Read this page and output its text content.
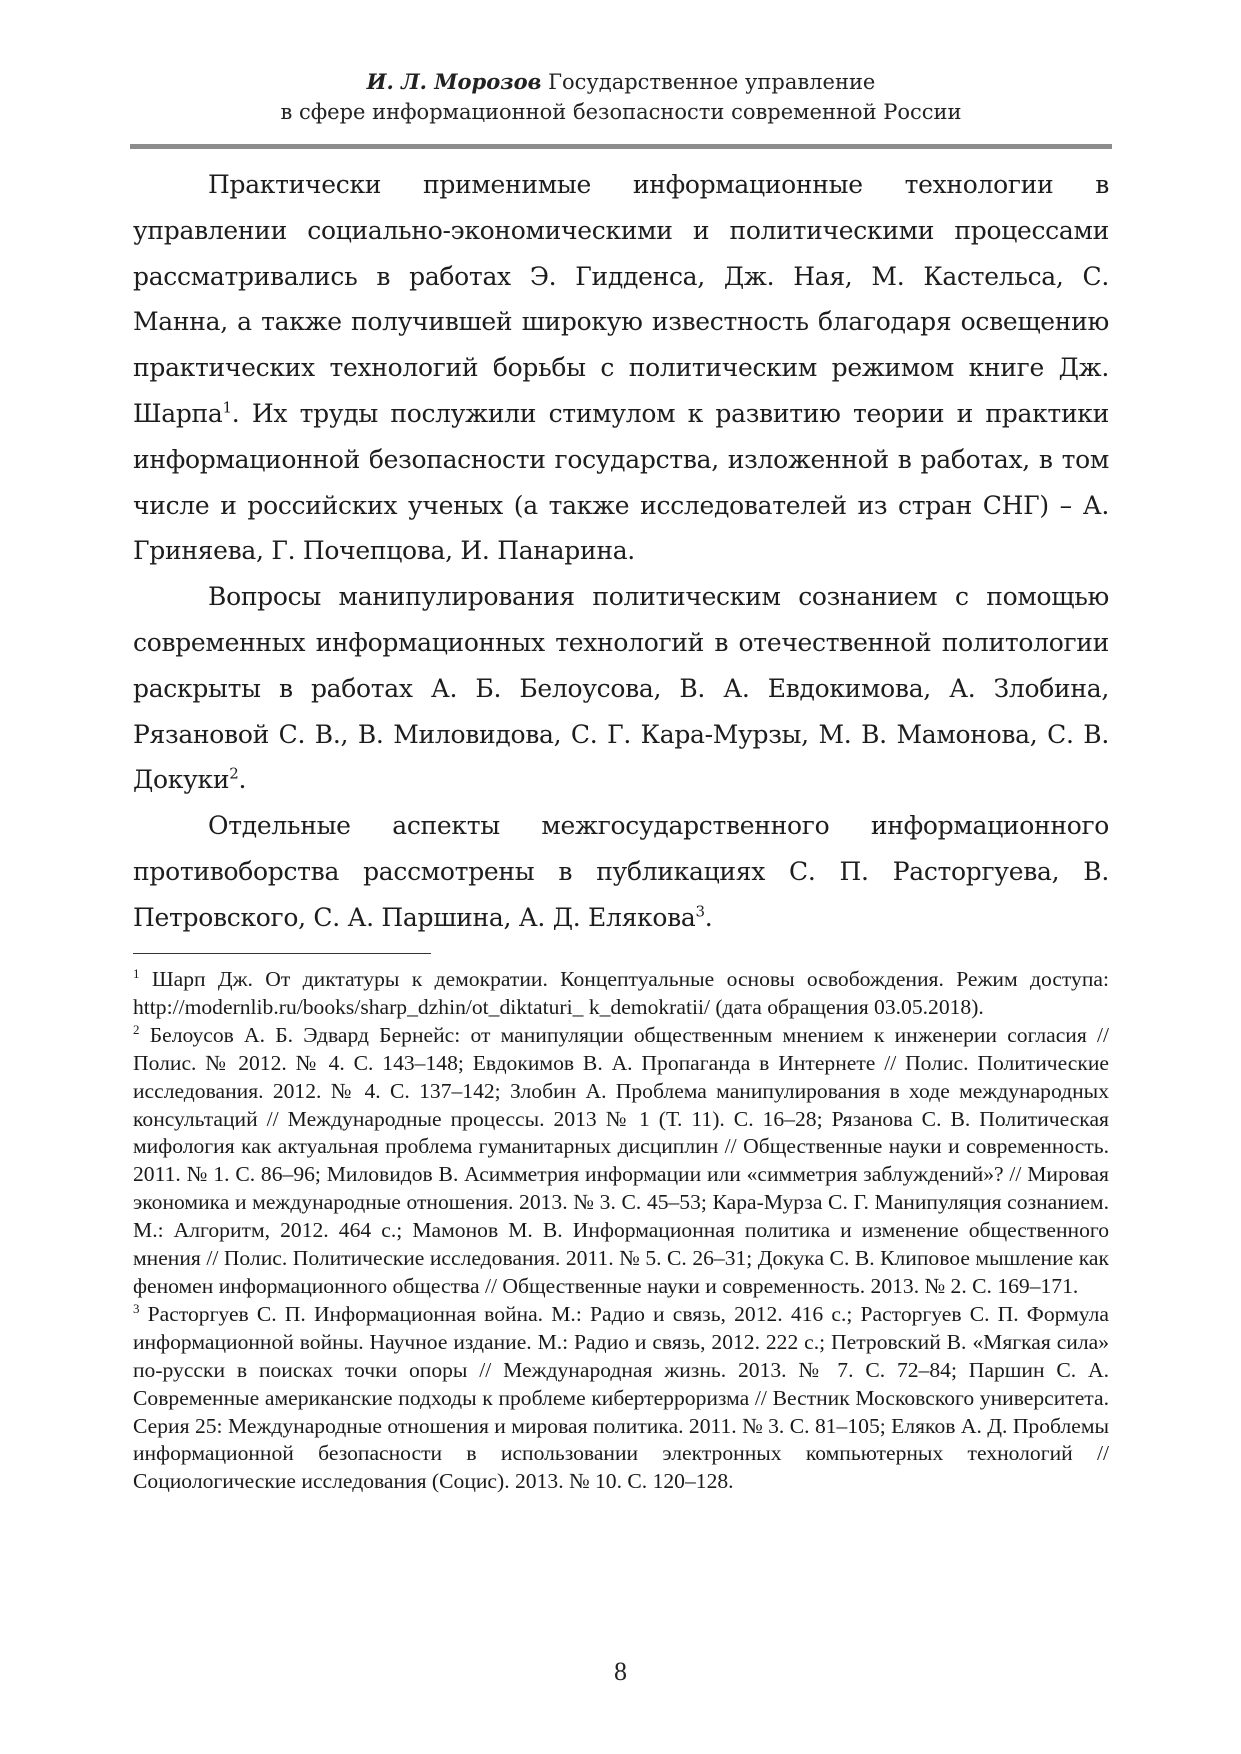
И. Л. Морозов Государственное управление
в сфере информационной безопасности современной России

Практически применимые информационные технологии в управлении социально-экономическими и политическими процессами рассматривались в работах Э. Гидденса, Дж. Ная, М. Кастельса, С. Манна, а также получившей широкую известность благодаря освещению практических технологий борьбы с политическим режимом книге Дж. Шарпа$^1$. Их труды послужили стимулом к развитию теории и практики информационной безопасности государства, изложенной в работах, в том числе и российских ученых (а также исследователей из стран СНГ) – А. Гриняева, Г. Почепцова, И. Панарина.

Вопросы манипулирования политическим сознанием с помощью современных информационных технологий в отечественной политологии раскрыты в работах А. Б. Белоусова, В. А. Евдокимова, А. Злобина, Рязановой С. В., В. Миловидова, С. Г. Кара-Мурзы, М. В. Мамонова, С. В. Докуки$^2$.

Отдельные аспекты межгосударственного информационного противоборства рассмотрены в публикациях С. П. Расторгуева, В. Петровского, С. А. Паршина, А. Д. Елякова$^3$.

$^1$ Шарп Дж. От диктатуры к демократии. Концептуальные основы освобождения. Режим доступа: http://modernlib.ru/books/sharp_dzhin/ot_diktaturi_ k_demokratii/ (дата обращения 03.05.2018).

$^2$ Белоусов А. Б. Эдвард Бернейс: от манипуляции общественным мнением к инженерии согласия // Полис. № 2012. № 4. С. 143–148; Евдокимов В. А. Пропаганда в Интернете // Полис. Политические исследования. 2012. № 4. С. 137–142; Злобин А. Проблема манипулирования в ходе международных консультаций // Международные процессы. 2013 № 1 (Т. 11). С. 16–28; Рязанова С. В. Политическая мифология как актуальная проблема гуманитарных дисциплин // Общественные науки и современность. 2011. № 1. С. 86–96; Миловидов В. Асимметрия информации или «симметрия заблуждений»? // Мировая экономика и международные отношения. 2013. № 3. С. 45–53; Кара-Мурза С. Г. Манипуляция сознанием. М.: Алгоритм, 2012. 464 с.; Мамонов М. В. Информационная политика и изменение общественного мнения // Полис. Политические исследования. 2011. № 5. С. 26–31; Докука С. В. Клиповое мышление как феномен информационного общества // Общественные науки и современность. 2013. № 2. С. 169–171.

$^3$ Расторгуев С. П. Информационная война. М.: Радио и связь, 2012. 416 с.; Расторгуев С. П. Формула информационной войны. Научное издание. М.: Радио и связь, 2012. 222 с.; Петровский В. «Мягкая сила» по-русски в поисках точки опоры // Международная жизнь. 2013. № 7. С. 72–84; Паршин С. А. Современные американские подходы к проблеме кибертерроризма // Вестник Московского университета. Серия 25: Международные отношения и мировая политика. 2011. № 3. С. 81–105; Еляков А. Д. Проблемы информационной безопасности в использовании электронных компьютерных технологий // Социологические исследования (Социс). 2013. № 10. С. 120–128.

8
